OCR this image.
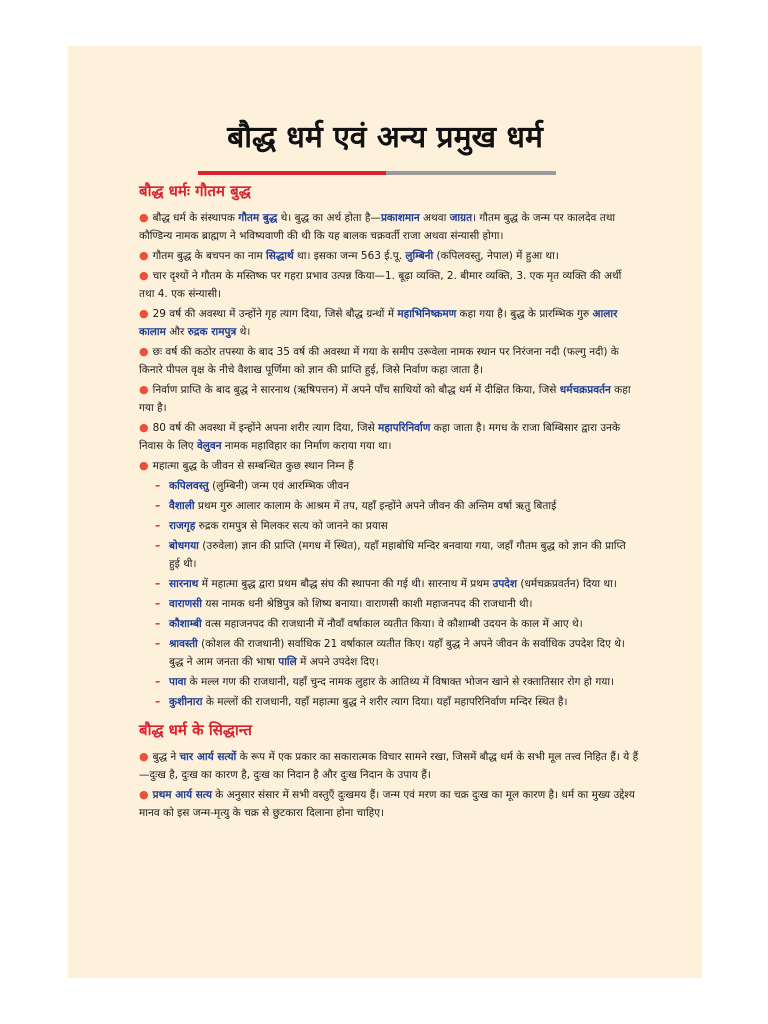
बौद्ध धर्म एवं अन्य प्रमुख धर्म
बौद्ध धर्मः गौतम बुद्ध

● बौद्ध धर्म के संस्थापक गौतम बुद्ध थे। बुद्ध का अर्थ होता है—प्रकाशमान अथवा जाग्रत। गौतम बुद्ध के जन्म पर कालदेव तथा कौण्डिन्य नामक ब्राह्मण ने भविष्यवाणी की थी कि यह बालक चक्रवर्ती राजा अथवा संन्यासी होगा।

● गौतम बुद्ध के बचपन का नाम सिद्धार्थ था। इसका जन्म 563 ई.पू. लुम्बिनी (कपिलवस्तु, नेपाल) में हुआ था।

● चार दृश्यों ने गौतम के मस्तिष्क पर गहरा प्रभाव उत्पन्न किया—1. बूढ़ा व्यक्ति, 2. बीमार व्यक्ति, 3. एक मृत व्यक्ति की अर्थी तथा 4. एक संन्यासी।

● 29 वर्ष की अवस्था में उन्होंने गृह त्याग दिया, जिसे बौद्ध ग्रन्थों में महाभिनिष्क्रमण कहा गया है। बुद्ध के प्रारम्भिक गुरु आलार कालाम और रुद्रक रामपुत्र थे।

● छः वर्ष की कठोर तपस्या के बाद 35 वर्ष की अवस्था में गया के समीप उरूवेला नामक स्थान पर निरंजना नदी (फल्गु नदी) के किनारे पीपल वृक्ष के नीचे वैशाख पूर्णिमा को ज्ञान की प्राप्ति हुई, जिसे निर्वाण कहा जाता है।

● निर्वाण प्राप्ति के बाद बुद्ध ने सारनाथ (ऋषिपत्तन) में अपने पाँच साथियों को बौद्ध धर्म में दीक्षित किया, जिसे धर्मचक्रप्रवर्तन कहा गया है।

● 80 वर्ष की अवस्था में इन्होंने अपना शरीर त्याग दिया, जिसे महापरिनिर्वाण कहा जाता है। मगध के राजा बिम्बिसार द्वारा उनके निवास के लिए वेलुवन नामक महाविहार का निर्माण कराया गया था।

● महात्मा बुद्ध के जीवन से सम्बन्धित कुछ स्थान निम्न हैं

– कपिलवस्तु (लुम्बिनी) जन्म एवं आरम्भिक जीवन
– वैशाली प्रथम गुरु आलार कालाम के आश्रम में तप, यहाँ इन्होंने अपने जीवन की अन्तिम वर्षा ऋतु बिताई
– राजगृह रुद्रक रामपुत्र से मिलकर सत्य को जानने का प्रयास
– बोधगया (उरुवेला) ज्ञान की प्राप्ति (मगध में स्थित), यहाँ महाबोधि मन्दिर बनवाया गया, जहाँ गौतम बुद्ध को ज्ञान की प्राप्ति हुई थी।
– सारनाथ में महात्मा बुद्ध द्वारा प्रथम बौद्ध संघ की स्थापना की गई थी। सारनाथ में प्रथम उपदेश (धर्मचक्रप्रवर्तन) दिया था।
– वाराणसी यस नामक धनी श्रेष्ठिपुत्र को शिष्य बनाया। वाराणसी काशी महाजनपद की राजधानी थी।
– कौशाम्बी वत्स महाजनपद की राजधानी में नौवाँ वर्षाकाल व्यतीत किया। वे कौशाम्बी उदयन के काल में आए थे।
– श्रावस्ती (कोशल की राजधानी) सर्वाधिक 21 वर्षाकाल व्यतीत किए। यहाँ बुद्ध ने अपने जीवन के सर्वाधिक उपदेश दिए थे। बुद्ध ने आम जनता की भाषा पालि में अपने उपदेश दिए।
– पावा के मल्ल गण की राजधानी, यहाँ चुन्द नामक लुहार के आतिथ्य में विषाक्त भोजन खाने से रक्तातिसार रोग हो गया।
– कुशीनारा के मल्लों की राजधानी, यहाँ महात्मा बुद्ध ने शरीर त्याग दिया। यहाँ महापरिनिर्वाण मन्दिर स्थित है।
बौद्ध धर्म के सिद्धान्त

● बुद्ध ने चार आर्य सत्यों के रूप में एक प्रकार का सकारात्मक विचार सामने रखा, जिसमें बौद्ध धर्म के सभी मूल तत्त्व निहित हैं। ये हैं—दुःख है, दुःख का कारण है, दुःख का निदान है और दुःख निदान के उपाय हैं।

● प्रथम आर्य सत्य के अनुसार संसार में सभी वस्तुएँ दुःखमय हैं। जन्म एवं मरण का चक्र दुःख का मूल कारण है। धर्म का मुख्य उद्देश्य मानव को इस जन्म-मृत्यु के चक्र से छुटकारा दिलाना होना चाहिए।
